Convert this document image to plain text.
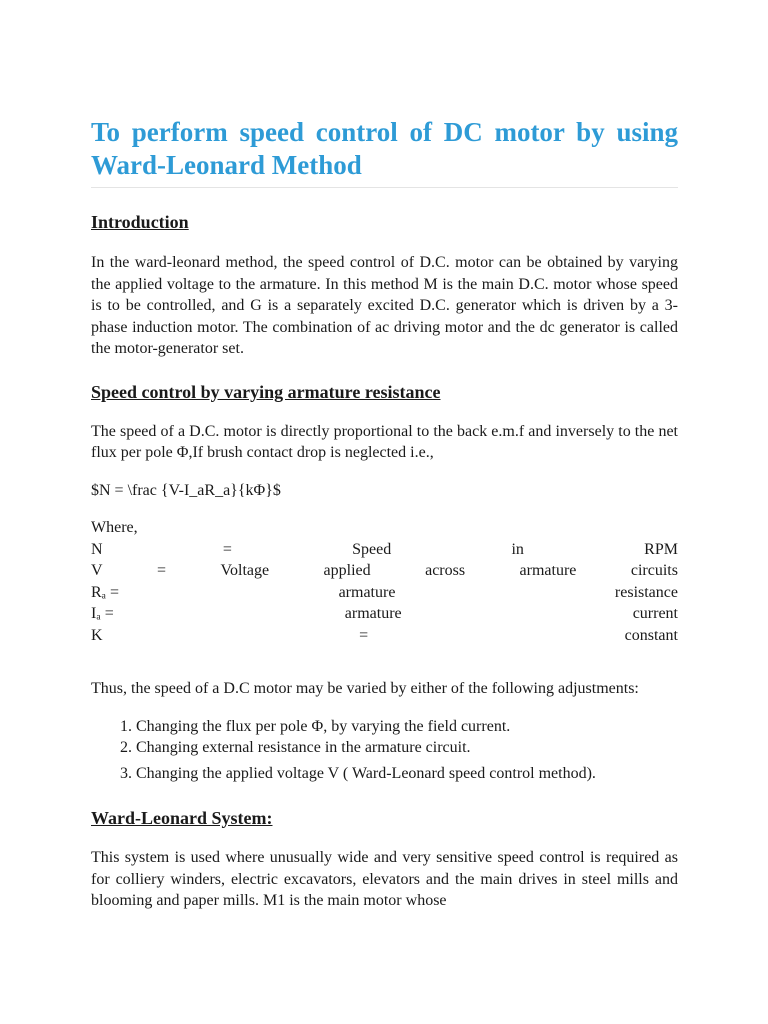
To perform speed control of DC motor by using Ward-Leonard Method
Introduction

In the ward-leonard method, the speed control of D.C. motor can be obtained by varying the applied voltage to the armature. In this method M is the main D.C. motor whose speed is to be controlled, and G is a separately excited D.C. generator which is driven by a 3-phase induction motor. The combination of ac driving motor and the dc generator is called the motor-generator set.

Speed control by varying armature resistance

The speed of a D.C. motor is directly proportional to the back e.m.f and inversely to the net flux per pole Φ,If brush contact drop is neglected i.e.,

$N = \frac {V-I_aR_a}{kΦ}$

Where,

N	=	Speed	in	RPM
V	=	Voltage	applied	across	armature	circuits
Rₐ =	armature	resistance
Iₐ =	armature	current
K	=	constant

Thus, the speed of a D.C motor may be varied by either of the following adjustments:

1. Changing the flux per pole Φ, by varying the field current.
2. Changing external resistance in the armature circuit.
3. Changing the applied voltage V ( Ward-Leonard speed control method).
Ward-Leonard System:

This system is used where unusually wide and very sensitive speed control is required as for colliery winders, electric excavators, elevators and the main drives in steel mills and blooming and paper mills. M1 is the main motor whose
